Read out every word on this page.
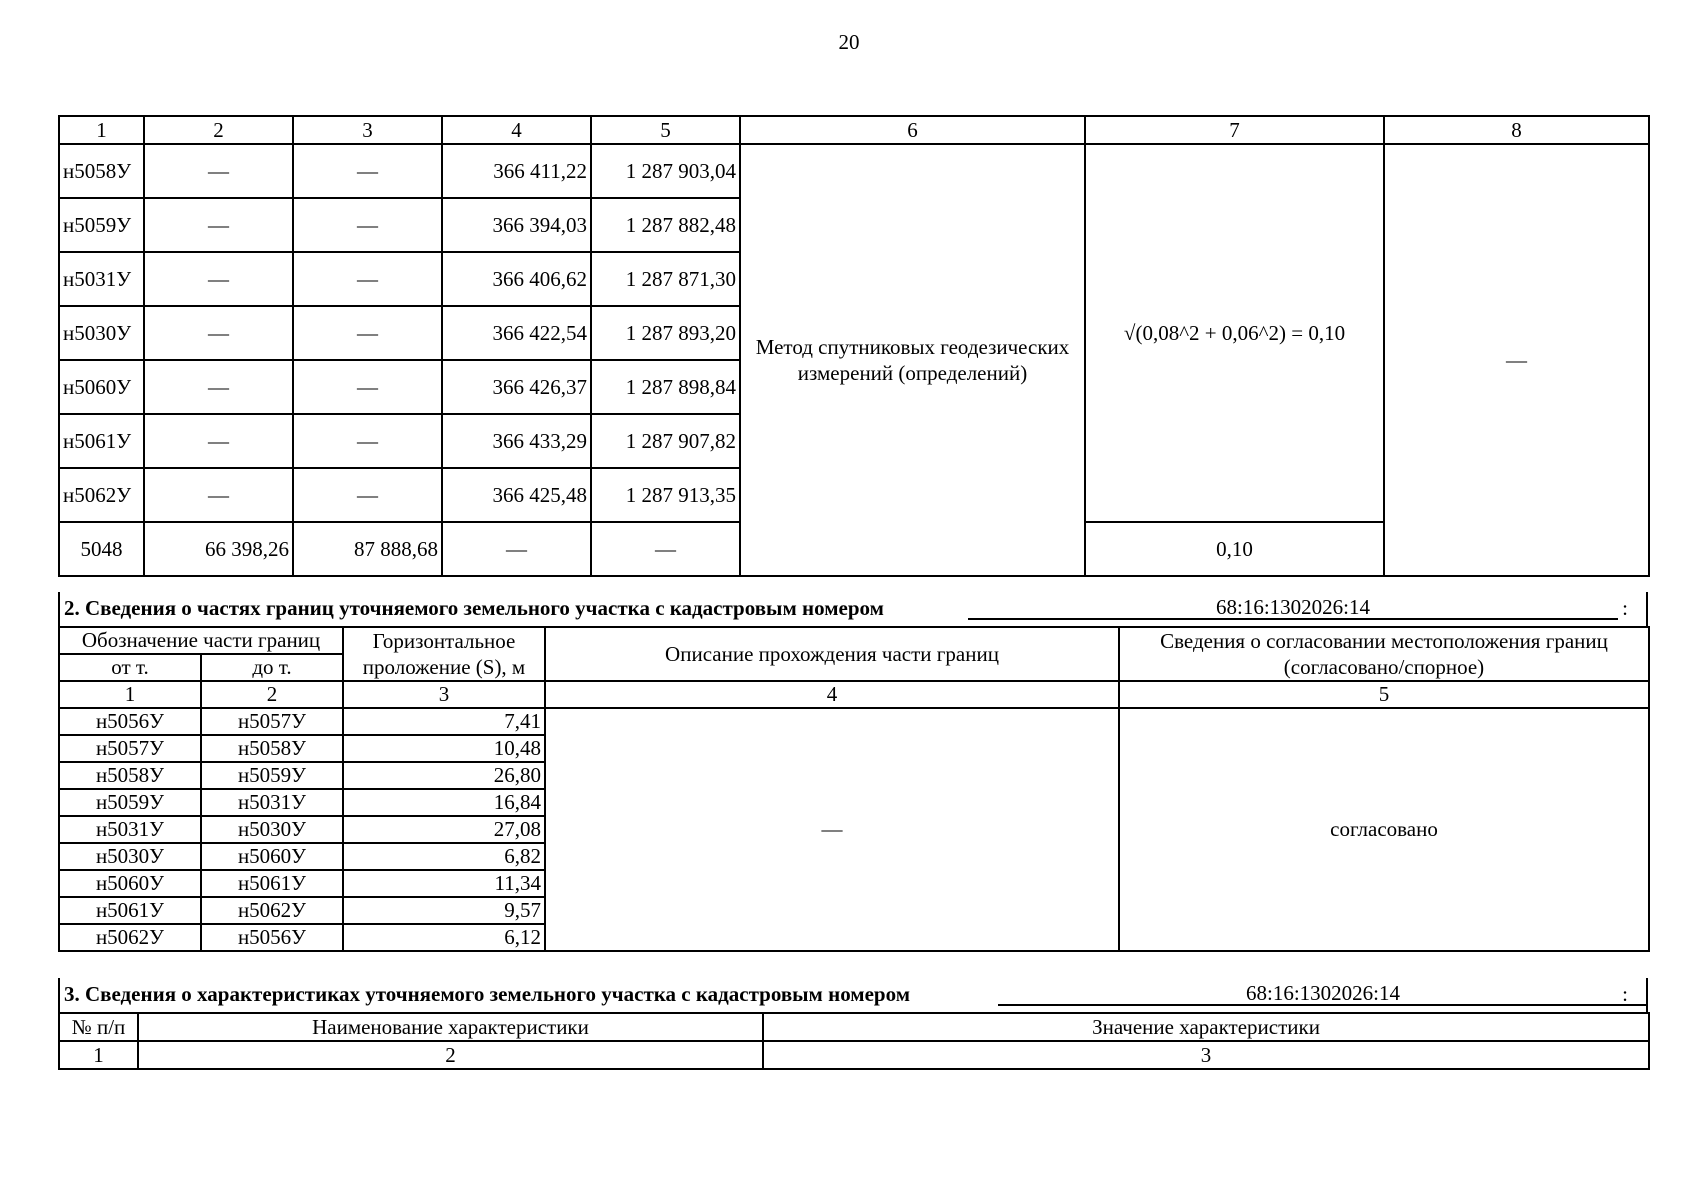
20
1	2	3	4	5	6	7	8
н5058У	—	—	366 411,22	1 287 903,04	Метод спутниковых геодезических измерений (определений)	√(0,08^2 + 0,06^2) = 0,10	—
н5059У	—	—	366 394,03	1 287 882,48			
н5031У	—	—	366 406,62	1 287 871,30			
н5030У	—	—	366 422,54	1 287 893,20			
н5060У	—	—	366 426,37	1 287 898,84			
н5061У	—	—	366 433,29	1 287 907,82			
н5062У	—	—	366 425,48	1 287 913,35			
5048	66 398,26	87 888,68	—	—		0,10	
2. Сведения о частях границ уточняемого земельного участка с кадастровым номером	68:16:1302026:14	:
Обозначение части границ		Горизонтальное проложение (S), м	Описание прохождения части границ	Сведения о согласовании местоположения границ (согласовано/спорное)
от т.	до т.			
1	2	3	4	5
н5056У	н5057У	7,41	—	согласовано
н5057У	н5058У	10,48		
н5058У	н5059У	26,80		
н5059У	н5031У	16,84		
н5031У	н5030У	27,08		
н5030У	н5060У	6,82		
н5060У	н5061У	11,34		
н5061У	н5062У	9,57		
н5062У	н5056У	6,12		
3. Сведения о характеристиках уточняемого земельного участка с кадастровым номером	68:16:1302026:14	:
№ п/п	Наименование характеристики	Значение характеристики
1	2	3
